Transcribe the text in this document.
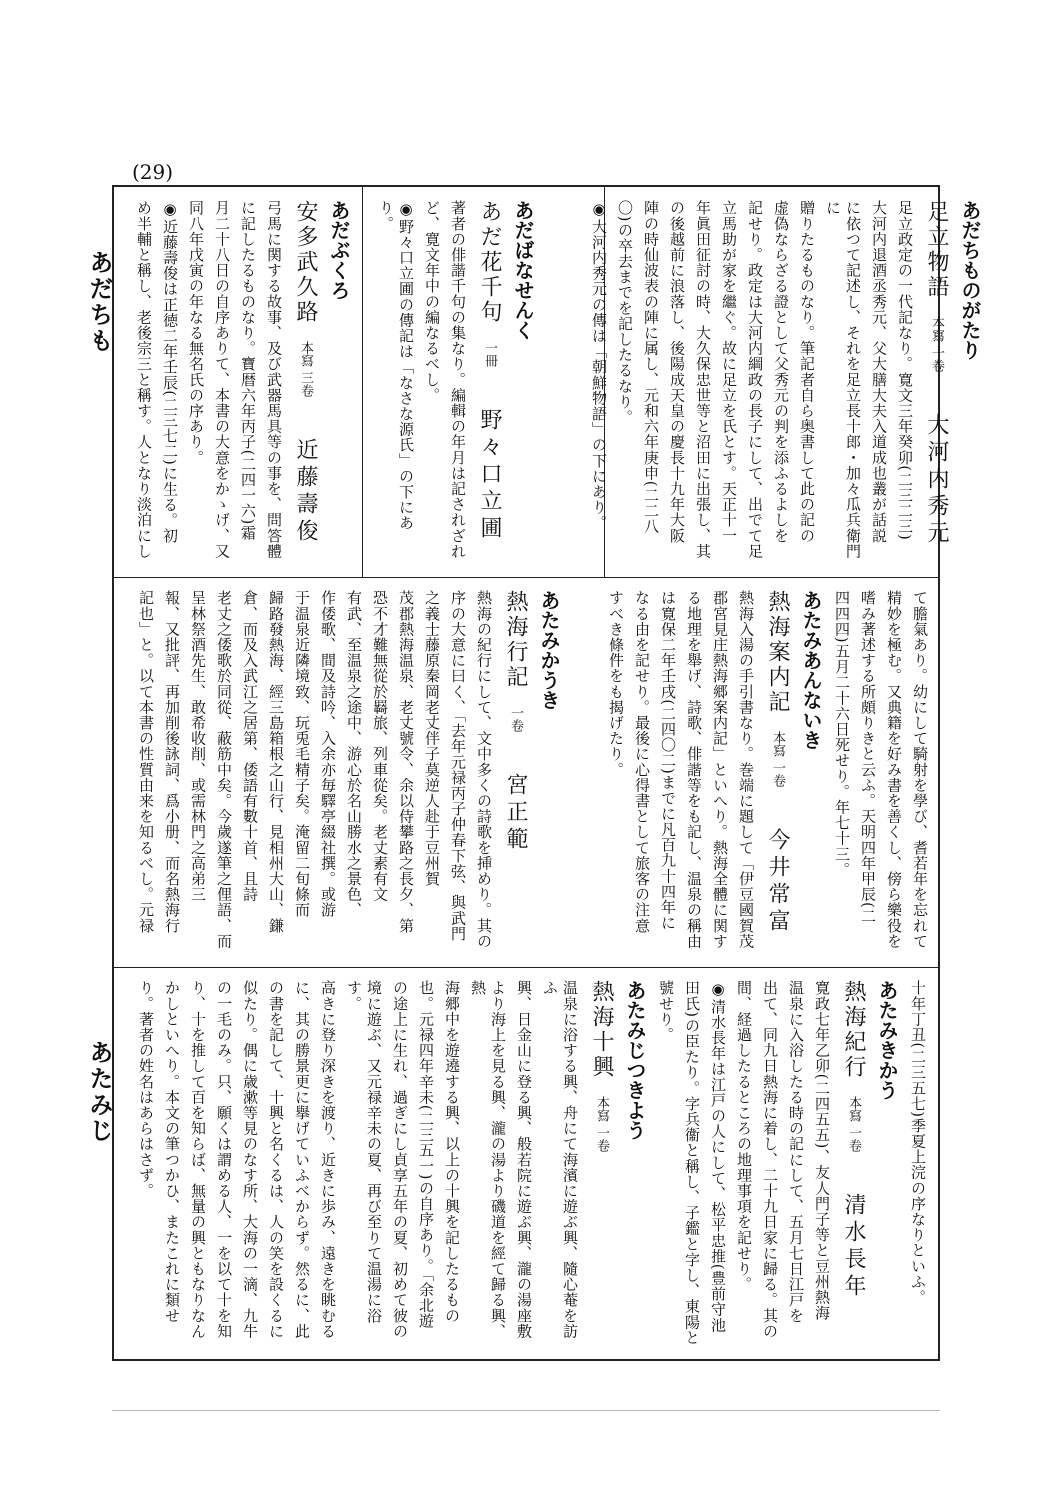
(29)
あだちも
あたみじ
あだちものがたり
足立物語 本寫 一卷 大河内秀元
足立政定の一代記なり。寛文三年癸卯(二三二三)
大河内退酒丞秀元、父大膳大夫入道成也叢が話説
に依つて記述し、それを足立長十郎・加々瓜兵衛門に
贈りたるものなり。筆記者自ら奥書して此の記の
虚偽ならざる證として父秀元の判を添ふるよしを
記せり。政定は大河内綱政の長子にして、出でて足
立馬助が家を繼ぐ。故に足立を氏とす。天正十一
年眞田征討の時、大久保忠世等と沼田に出張し、其
の後越前に浪落し、後陽成天皇の慶長十九年大阪
陣の時仙波表の陣に属し、元和六年庚申(二二八
〇)の卒去までを記したるなり。
◉大河内秀元の傳は「朝鮮物語」の下にあり。
あだばなせんく
あだ花千句 一冊 野々口立圃
著者の俳諧千句の集なり。編輯の年月は記されざれ
ど、寛文年中の編なるべし。
◉野々口立圃の傳記は「なさな源氏」の下にあり。
あだぶくろ
安多武久路 本寫 三卷 近藤壽俊
弓馬に関する故事、及び武器馬具等の事を、問答體
に記したるものなり。寶暦六年丙子(二四一六)霜
月二十八日の自序ありて、本書の大意をかゝげ、又
同八年戊寅の年なる無名氏の序あり。
◉近藤壽俊は正徳二年壬辰(二三七二)に生る。初
め半輔と稱し、老後宗三と稱す。人となり淡泊にし
て膽氣あり。幼にして騎射を學び、耆若年を忘れて
精妙を極む。又典籍を好み書を善くし、傍ら樂役を
嗜み著述する所頗りきと云ふ。天明四年甲辰(二
四四四)五月二十六日死せり。年七十三。
あたみあんないき
熱海案内記 本寫 一卷 今井常富
熱海入湯の手引書なり。巻端に題して「伊豆國賀茂
郡宮見庄熱海郷案内記」といへり。熱海全體に関す
る地理を舉げ、詩歌、俳諧等をも記し、温泉の稱由
は寛保二年壬戌(二四〇二)までに凡百九十四年に
なる由を記せり。最後に心得書として旅客の注意
すべき條件をも揭げたり。
あたみかうき
熱海行記 一卷 宮正範
熱海の紀行にして、文中多くの詩歌を挿めり。其の
序の大意に曰く、「去年元禄丙子仲春下弦、與武門
之義士藤原秦岡老丈伴子莫逆人赴于豆州賀
茂郡熱海温泉、老丈號令、余以侍攀路之長夕、第
恐不才難無從於羇旅、列車從矣。老丈素有文
有武、至温泉之途中、游心於名山勝水之景色、
作倭歌、間及詩吟、入余亦毎驛亭綴社撰。或游
于温泉近隣境致、玩兎毛精子矣。淹留二旬條而
歸路發熱海、經三島箱根之山行、見相州大山、鎌
倉、而及入武江之居第、倭語有數十首、且詩
老丈之倭歌於同從、蔽筋中矣。今歲遂筆之俚語、而
呈林祭酒先生、敢希收削、或需林門之高弟三
報、又批評、再加削後詠詞、爲小册、而名熱海行
記也」と。以て本書の性質由来を知るべし。元禄
十年丁丑(二三五七)季夏上浣の序なりといふ。
あたみきかう
熱海紀行 本寫 一卷 清水長年
寛政七年乙卯(二四五五)、友人門子等と豆州熱海
温泉に入浴したる時の記にして、五月七日江戸を
出て、同九日熱海に着し、二十九日家に歸る。其の
間、経過したるところの地理事項を記せり。
◉清水長年は江戸の人にして、松平忠推(豊前守池
田氏)の臣たり。字兵衞と稱し、子鑑と字し、東陽と
號せり。
あたみじつきよう
熱海十興 本寫 一卷
温泉に浴する興、舟にて海濱に遊ぶ興、隨心菴を訪ふ
興、日金山に登る興、般若院に遊ぶ興、瀧の湯座敷
より海上を見る興、瀧の湯より磯道を經て歸る興、熱
海郷中を遊遶する興、以上の十興を記したるもの
也。元禄四年辛未(二三五一)の自序あり。「余北遊
の途上に生れ、過ぎにし貞享五年の夏、初めて彼の
境に遊ぶ、又元禄辛未の夏、再び至りて温湯に浴す。
高きに登り深きを渡り、近きに歩み、遠きを眺むる
に、其の勝景更に擧げていふべからず。然るに、此
の書を記して、十興と名くるは、人の笑を設くるに
似たり。偶に歳漱等見のなす所、大海の一滴、九牛
の一毛のみ。只、願くは謂める人、一を以て十を知
り、十を推して百を知らば、無量の興ともなりなん
かしといへり。本文の筆つかひ、またこれに類せ
り。著者の姓名はあらはさず。
